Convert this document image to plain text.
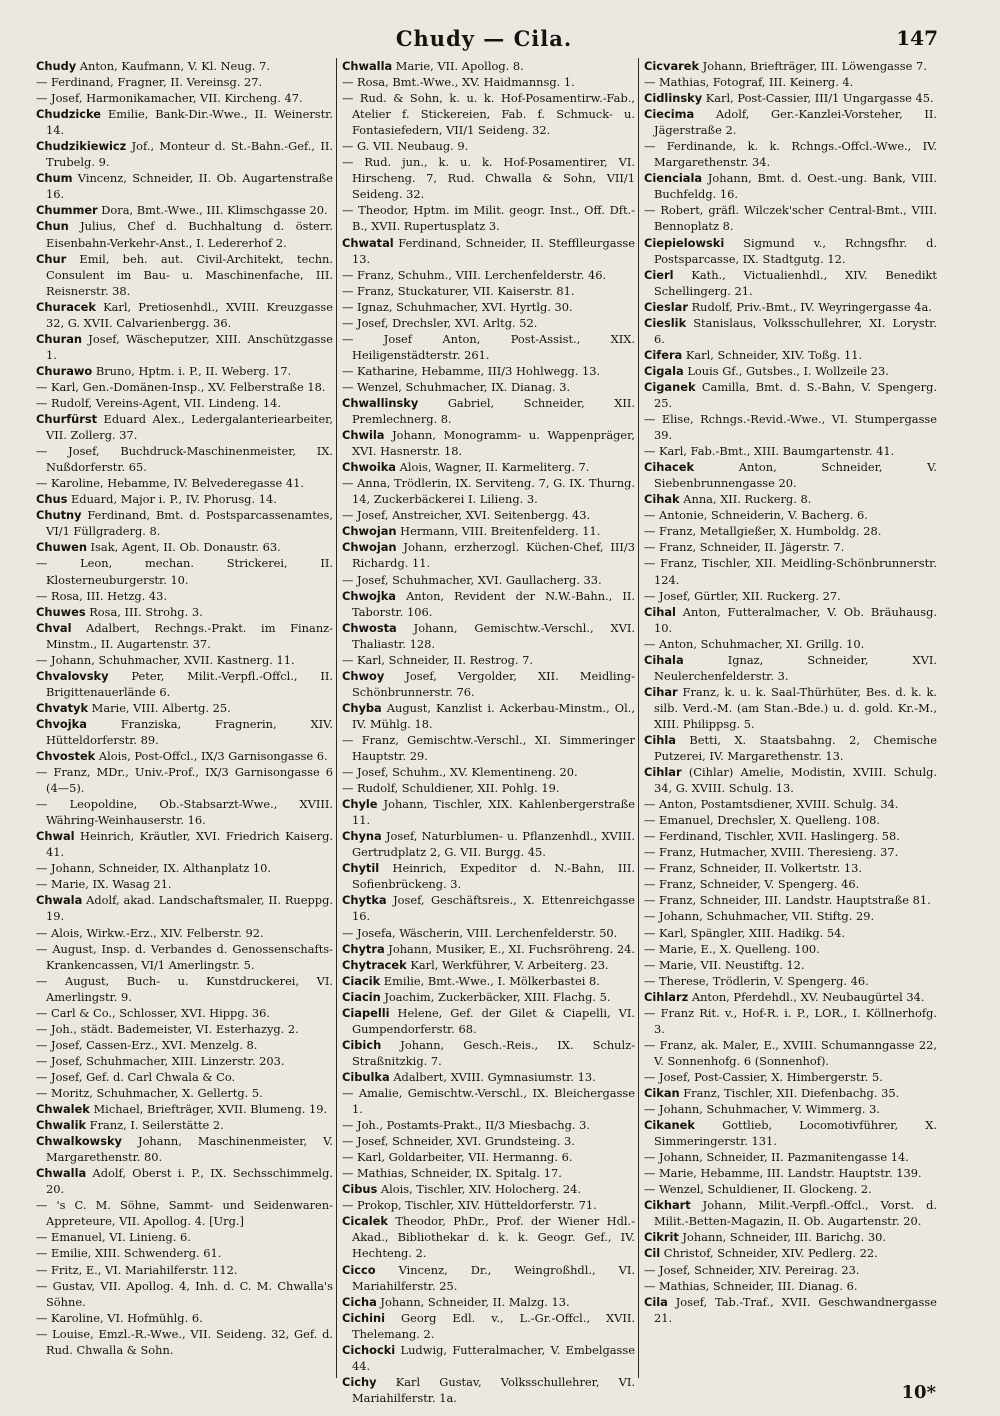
Chudy — Cila.	147
Chudy Anton, Kaufmann, V. Kl. Neug. 7.
— Ferdinand, Fragner, II. Vereinsg. 27.
— Josef, Harmonikamacher, VII. Kircheng. 47.
Chudzicke Emilie, Bank-Dir.-Wwe., II. Weinerstr. 14.
Chudzikiewicz Jof., Monteur d. St.-Bahn.-Gef., II. Trubelg. 9.
Chum Vincenz, Schneider, II. Ob. Augartenstraße 16.
Chummer Dora, Bmt.-Wwe., III. Klimschgasse 20.
Chun Julius, Chef d. Buchhaltung d. österr. Eisenbahn-Verkehr-Anst., I. Ledererhof 2.
Chur Emil, beh. aut. Civil-Architekt, techn. Consulent im Bau- u. Maschinenfache, III. Reisnerstr. 38.
Churacek Karl, Pretiosenhdl., XVIII. Kreuzgasse 32, G. XVII. Calvarienbergg. 36.
Churan Josef, Wäscheputzer, XIII. Anschützgasse 1.
Churawo Bruno, Hptm. i. P., II. Weberg. 17.
— Karl, Gen.-Domänen-Insp., XV. Felberstraße 18.
— Rudolf, Vereins-Agent, VII. Lindeng. 14.
Churfürst Eduard Alex., Ledergalanteriearbeiter, VII. Zollerg. 37.
— Josef, Buchdruck-Maschinenmeister, IX. Nußdorferstr. 65.
— Karoline, Hebamme, IV. Belvederegasse 41.
Chus Eduard, Major i. P., IV. Phorusg. 14.
Chutny Ferdinand, Bmt. d. Postsparcassenamtes, VI/1 Füllgraderg. 8.
Chuwen Isak, Agent, II. Ob. Donaustr. 63.
— Leon, mechan. Strickerei, II. Klosterneuburgerstr. 10.
— Rosa, III. Hetzg. 43.
Chuwes Rosa, III. Strohg. 3.
Chval Adalbert, Rechngs.-Prakt. im Finanz-Minstm., II. Augartenstr. 37.
— Johann, Schuhmacher, XVII. Kastnerg. 11.
Chvalovsky Peter, Milit.-Verpfl.-Offcl., II. Brigittenauerlände 6.
Chvatyk Marie, VIII. Albertg. 25.
Chvojka Franziska, Fragnerin, XIV. Hütteldorferstr. 89.
Chvostek Alois, Post-Offcl., IX/3 Garnisongasse 6.
— Franz, MDr., Univ.-Prof., IX/3 Garnisongasse 6 (4—5).
— Leopoldine, Ob.-Stabsarzt-Wwe., XVIII. Währing-Weinhauserstr. 16.
Chwal Heinrich, Kräutler, XVI. Friedrich Kaiserg. 41.
— Johann, Schneider, IX. Althanplatz 10.
— Marie, IX. Wasag 21.
Chwala Adolf, akad. Landschaftsmaler, II. Rueppg. 19.
— Alois, Wirkw.-Erz., XIV. Felberstr. 92.
— August, Insp. d. Verbandes d. Genossenschafts-Krankencassen, VI/1 Amerlingstr. 5.
— August, Buch- u. Kunstdruckerei, VI. Amerlingstr. 9.
— Carl & Co., Schlosser, XVI. Hippg. 36.
— Joh., städt. Bademeister, VI. Esterhazyg. 2.
— Josef, Cassen-Erz., XVI. Menzelg. 8.
— Josef, Schuhmacher, XIII. Linzerstr. 203.
— Josef, Gef. d. Carl Chwala & Co.
— Moritz, Schuhmacher, X. Gellertg. 5.
Chwalek Michael, Briefträger, XVII. Blumeng. 19.
Chwalik Franz, I. Seilerstätte 2.
Chwalkowsky Johann, Maschinenmeister, V. Margarethenstr. 80.
Chwalla Adolf, Oberst i. P., IX. Sechsschimmelg. 20.
— 's C. M. Söhne, Sammt- und Seidenwaren-Appreteure, VII. Apollog. 4. [Urg.]
— Emanuel, VI. Linieng. 6.
— Emilie, XIII. Schwenderg. 61.
— Fritz, E., VI. Mariahilferstr. 112.
— Gustav, VII. Apollog. 4, Inh. d. C. M. Chwalla's Söhne.
— Karoline, VI. Hofmühlg. 6.
— Louise, Emzl.-R.-Wwe., VII. Seideng. 32, Gef. d. Rud. Chwalla & Sohn.
Chwalla Marie, VII. Apollog. 8.
— Rosa, Bmt.-Wwe., XV. Haidmannsg. 1.
— Rud. & Sohn, k. u. k. Hof-Posamentirw.-Fab., Atelier f. Stickereien, Fab. f. Schmuck- u. Fontasiefedern, VII/1 Seideng. 32.
— G. VII. Neubaug. 9.
— Rud. jun., k. u. k. Hof-Posamentirer, VI. Hirscheng. 7, Rud. Chwalla & Sohn, VII/1 Seideng. 32.
— Theodor, Hptm. im Milit. geogr. Inst., Off. Dft.-B., XVII. Rupertusplatz 3.
Chwatal Ferdinand, Schneider, II. Stefflleurgasse 13.
— Franz, Schuhm., VIII. Lerchenfelderstr. 46.
— Franz, Stuckaturer, VII. Kaiserstr. 81.
— Ignaz, Schuhmacher, XVI. Hyrtlg. 30.
— Josef, Drechsler, XVI. Arltg. 52.
— Josef Anton, Post-Assist., XIX. Heiligenstädterstr. 261.
— Katharine, Hebamme, III/3 Hohlwegg. 13.
— Wenzel, Schuhmacher, IX. Dianag. 3.
Chwallinsky Gabriel, Schneider, XII. Premlechnerg. 8.
Chwila Johann, Monogramm- u. Wappenpräger, XVI. Hasnerstr. 18.
Chwoika Alois, Wagner, II. Karmeliterg. 7.
— Anna, Trödlerin, IX. Serviteng. 7, G. IX. Thurng. 14, Zuckerbäckerei I. Lilieng. 3.
— Josef, Anstreicher, XVI. Seitenbergg. 43.
Chwojan Hermann, VIII. Breitenfelderg. 11.
Chwojan Johann, erzherzogl. Küchen-Chef, III/3 Richardg. 11.
— Josef, Schuhmacher, XVI. Gaullacherg. 33.
Chwojka Anton, Revident der N.W.-Bahn., II. Taborstr. 106.
Chwosta Johann, Gemischtw.-Verschl., XVI. Thaliastr. 128.
— Karl, Schneider, II. Restrog. 7.
Chwoy Josef, Vergolder, XII. Meidling-Schönbrunnerstr. 76.
Chyba August, Kanzlist i. Ackerbau-Minstm., Ol., IV. Mühlg. 18.
— Franz, Gemischtw.-Verschl., XI. Simmeringer Hauptstr. 29.
— Josef, Schuhm., XV. Klementineng. 20.
— Rudolf, Schuldiener, XII. Pohlg. 19.
Chyle Johann, Tischler, XIX. Kahlenbergerstraße 11.
Chyna Josef, Naturblumen- u. Pflanzenhdl., XVIII. Gertrudplatz 2, G. VII. Burgg. 45.
Chytil Heinrich, Expeditor d. N.-Bahn, III. Sofienbrückeng. 3.
Chytka Josef, Geschäftsreis., X. Ettenreichgasse 16.
— Josefa, Wäscherin, VIII. Lerchenfelderstr. 50.
Chytra Johann, Musiker, E., XI. Fuchsröhreng. 24.
Chytracek Karl, Werkführer, V. Arbeiterg. 23.
Ciacik Emilie, Bmt.-Wwe., I. Mölkerbastei 8.
Ciacin Joachim, Zuckerbäcker, XIII. Flachg. 5.
Ciapelli Helene, Gef. der Gilet & Ciapelli, VI. Gumpendorferstr. 68.
Cibich Johann, Gesch.-Reis., IX. Schulz-Straßnitzkig. 7.
Cibulka Adalbert, XVIII. Gymnasiumstr. 13.
— Amalie, Gemischtw.-Verschl., IX. Bleichergasse 1.
— Joh., Postamts-Prakt., II/3 Miesbachg. 3.
— Josef, Schneider, XVI. Grundsteing. 3.
— Karl, Goldarbeiter, VII. Hermanng. 6.
— Mathias, Schneider, IX. Spitalg. 17.
Cibus Alois, Tischler, XIV. Holocherg. 24.
— Prokop, Tischler, XIV. Hütteldorferstr. 71.
Cicalek Theodor, PhDr., Prof. der Wiener Hdl.-Akad., Bibliothekar d. k. k. Geogr. Gef., IV. Hechteng. 2.
Cicco Vincenz, Dr., Weingroßhdl., VI. Mariahilferstr. 25.
Cicha Johann, Schneider, II. Malzg. 13.
Cichini Georg Edl. v., L.-Gr.-Offcl., XVII. Thelemang. 2.
Cichocki Ludwig, Futteralmacher, V. Embelgasse 44.
Cichy Karl Gustav, Volksschullehrer, VI. Mariahilferstr. 1a.
Cicvarek Johann, Briefträger, III. Löwengasse 7.
— Mathias, Fotograf, III. Keinerg. 4.
Cidlinsky Karl, Post-Cassier, III/1 Ungargasse 45.
Ciecima Adolf, Ger.-Kanzlei-Vorsteher, II. Jägerstraße 2.
— Ferdinande, k. k. Rchngs.-Offcl.-Wwe., IV. Margarethenstr. 34.
Cienciala Johann, Bmt. d. Oest.-ung. Bank, VIII. Buchfeldg. 16.
— Robert, gräfl. Wilczek'scher Central-Bmt., VIII. Bennoplatz 8.
Ciepielowski Sigmund v., Rchngsfhr. d. Postsparcasse, IX. Stadtgutg. 12.
Cierl Kath., Victualienhdl., XIV. Benedikt Schellingerg. 21.
Cieslar Rudolf, Priv.-Bmt., IV. Weyringergasse 4a.
Cieslik Stanislaus, Volksschullehrer, XI. Lorystr. 6.
Cifera Karl, Schneider, XIV. Toßg. 11.
Cigala Louis Gf., Gutsbes., I. Wollzeile 23.
Ciganek Camilla, Bmt. d. S.-Bahn, V. Spengerg. 25.
— Elise, Rchngs.-Revid.-Wwe., VI. Stumpergasse 39.
— Karl, Fab.-Bmt., XIII. Baumgartenstr. 41.
Cihacek Anton, Schneider, V. Siebenbrunnengasse 20.
Cihak Anna, XII. Ruckerg. 8.
— Antonie, Schneiderin, V. Bacherg. 6.
— Franz, Metallgießer, X. Humboldg. 28.
— Franz, Schneider, II. Jägerstr. 7.
— Franz, Tischler, XII. Meidling-Schönbrunnerstr. 124.
— Josef, Gürtler, XII. Ruckerg. 27.
Cihal Anton, Futteralmacher, V. Ob. Bräuhausg. 10.
— Anton, Schuhmacher, XI. Grillg. 10.
Cihala Ignaz, Schneider, XVI. Neulerchenfelderstr. 3.
Cihar Franz, k. u. k. Saal-Thürhüter, Bes. d. k. k. silb. Verd.-M. (am Stan.-Bde.) u. d. gold. Kr.-M., XIII. Philippsg. 5.
Cihla Betti, X. Staatsbahng. 2, Chemische Putzerei, IV. Margarethenstr. 13.
Cihlar (Cihlar) Amelie, Modistin, XVIII. Schulg. 34, G. XVIII. Schulg. 13.
— Anton, Postamtsdiener, XVIII. Schulg. 34.
— Emanuel, Drechsler, X. Quelleng. 108.
— Ferdinand, Tischler, XVII. Haslingerg. 58.
— Franz, Hutmacher, XVIII. Theresieng. 37.
— Franz, Schneider, II. Volkertstr. 13.
— Franz, Schneider, V. Spengerg. 46.
— Franz, Schneider, III. Landstr. Hauptstraße 81.
— Johann, Schuhmacher, VII. Stiftg. 29.
— Karl, Spängler, XIII. Hadikg. 54.
— Marie, E., X. Quelleng. 100.
— Marie, VII. Neustiftg. 12.
— Therese, Trödlerin, V. Spengerg. 46.
Cihlarz Anton, Pferdehdl., XV. Neubaugürtel 34.
— Franz Rit. v., Hof-R. i. P., LOR., I. Köllnerhofg. 3.
— Franz, ak. Maler, E., XVIII. Schumanngasse 22, V. Sonnenhofg. 6 (Sonnenhof).
— Josef, Post-Cassier, X. Himbergerstr. 5.
Cikan Franz, Tischler, XII. Diefenbachg. 35.
— Johann, Schuhmacher, V. Wimmerg. 3.
Cikanek Gottlieb, Locomotivführer, X. Simmeringerstr. 131.
— Johann, Schneider, II. Pazmanitengasse 14.
— Marie, Hebamme, III. Landstr. Hauptstr. 139.
— Wenzel, Schuldiener, II. Glockeng. 2.
Cikhart Johann, Milit.-Verpfl.-Offcl., Vorst. d. Milit.-Betten-Magazin, II. Ob. Augartenstr. 20.
Cikrit Johann, Schneider, III. Barichg. 30.
Cil Christof, Schneider, XIV. Pedlerg. 22.
— Josef, Schneider, XIV. Pereirag. 23.
— Mathias, Schneider, III. Dianag. 6.
Cila Josef, Tab.-Traf., XVII. Geschwandnergasse 21.
10*
